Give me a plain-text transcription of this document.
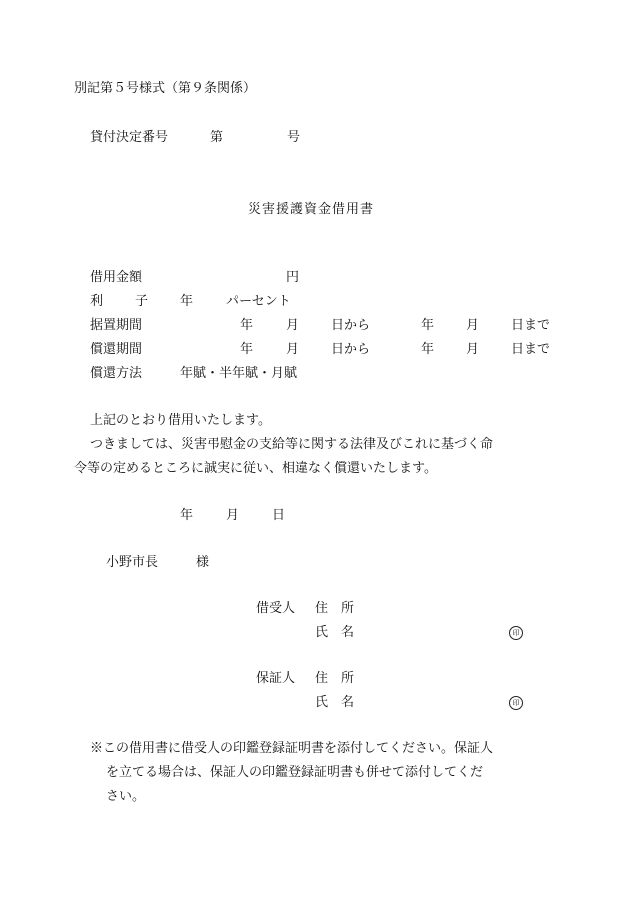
別記第５号様式（第９条関係）
貸付決定番号	第	号
災害援護資金借用書
借用金額	円
利 子 年	パーセント
据置期間	年	月 日から	年 月 日まで
償還期間	年	月 日から	年 月 日まで
償還方法	年賦・半年賦・月賦
上記のとおり借用いたします。
つきましては、災害弔慰金の支給等に関する法律及びこれに基づく命
令等の定めるところに誠実に従い、相違なく償還いたします。
年	月	日
小野市長	様
借受人 住　所
氏　名	印
保証人 住　所
氏　名	印
※この借用書に借受人の印鑑登録証明書を添付してください。保証人
を立てる場合は、保証人の印鑑登録証明書も併せて添付してくだ
さい。
